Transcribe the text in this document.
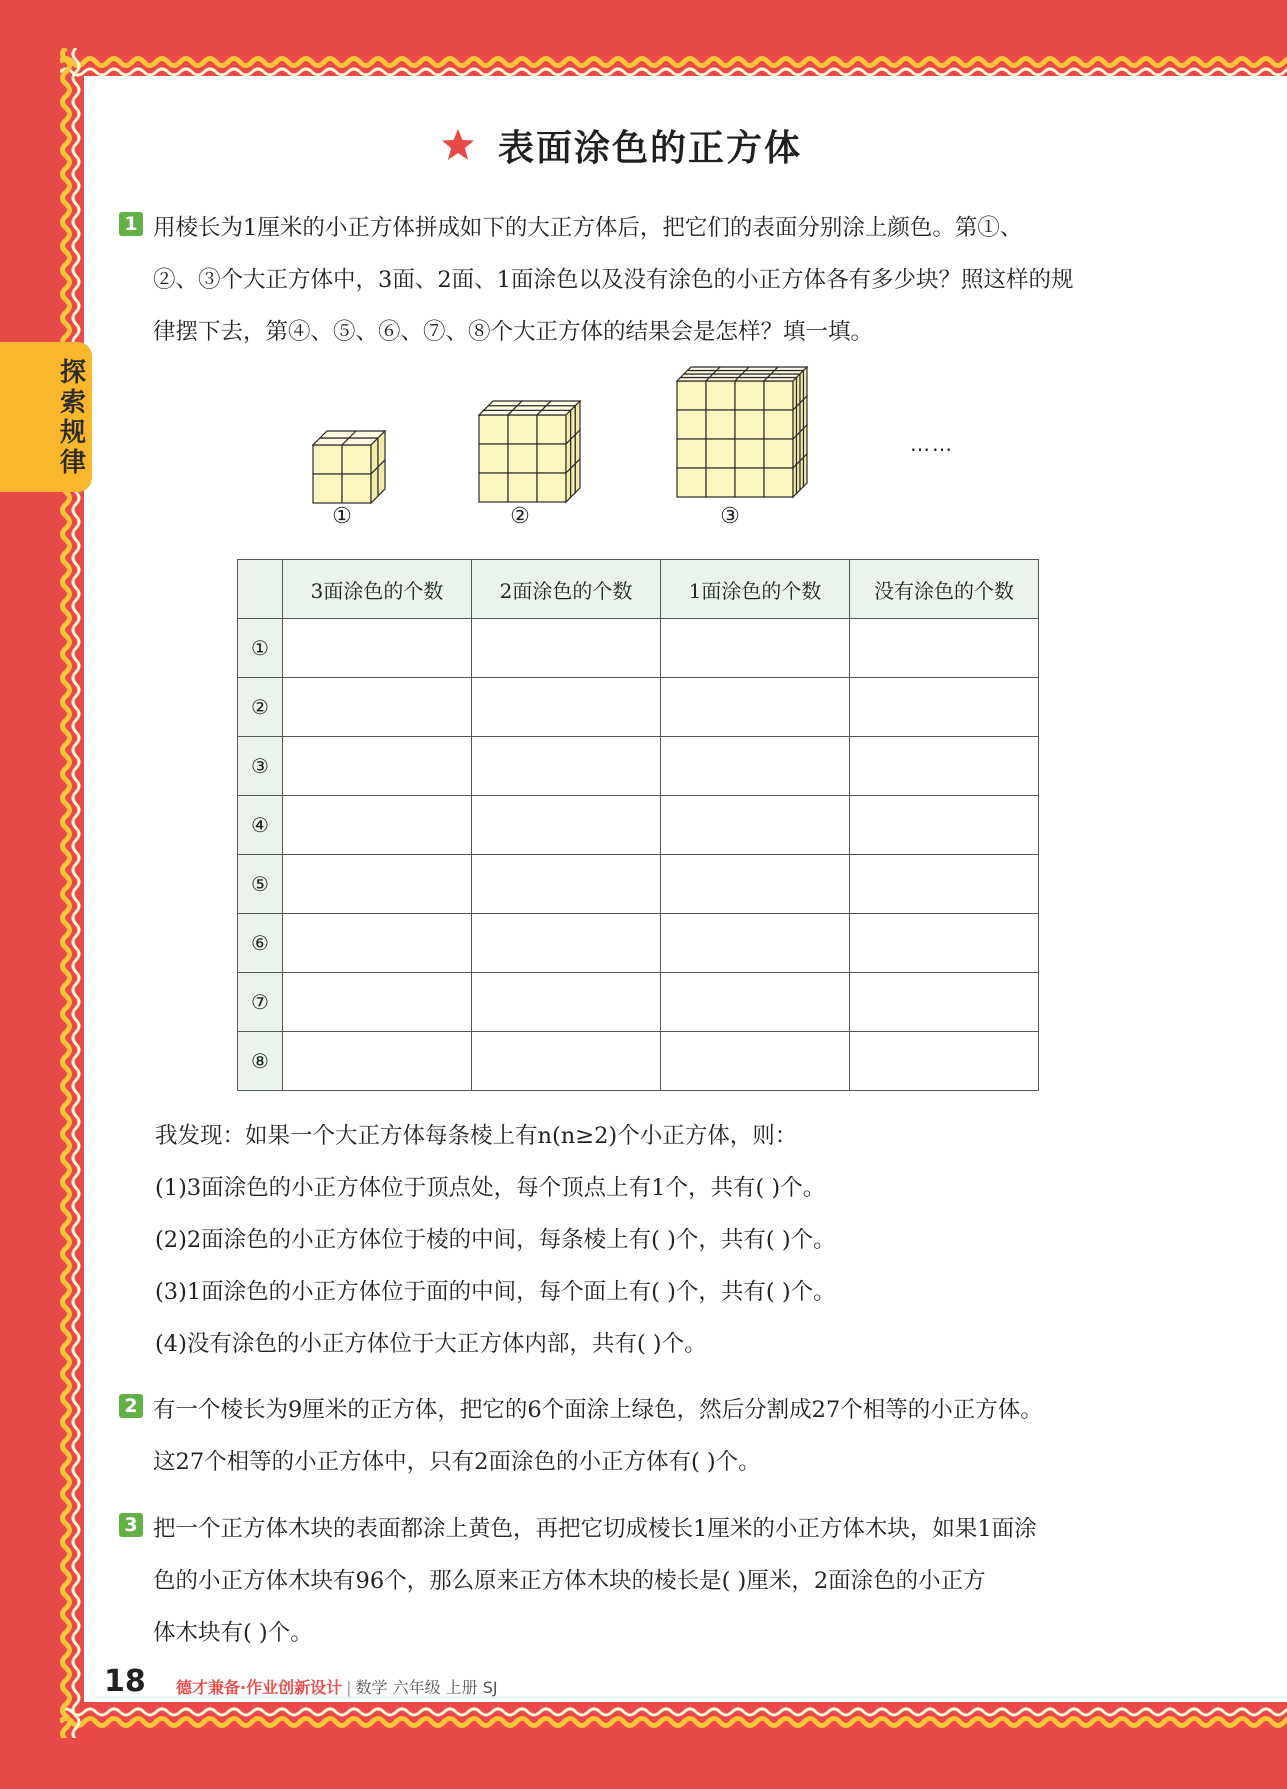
探
索
规
律
表面涂色的正方体
1 用棱长为1厘米的小正方体拼成如下的大正方体后，把它们的表面分别涂上颜色。第①、
②、③个大正方体中，3面、2面、1面涂色以及没有涂色的小正方体各有多少块？照这样的规
律摆下去，第④、⑤、⑥、⑦、⑧个大正方体的结果会是怎样？填一填。
①	②	③
……
	3面涂色的个数	2面涂色的个数	1面涂色的个数	没有涂色的个数
①				
②				
③				
④				
⑤				
⑥				
⑦				
⑧				
我发现：如果一个大正方体每条棱上有n(n≥2)个小正方体，则：
(1)3面涂色的小正方体位于顶点处，每个顶点上有1个，共有( )个。
(2)2面涂色的小正方体位于棱的中间，每条棱上有( )个，共有( )个。
(3)1面涂色的小正方体位于面的中间，每个面上有( )个，共有( )个。
(4)没有涂色的小正方体位于大正方体内部，共有( )个。
2 有一个棱长为9厘米的正方体，把它的6个面涂上绿色，然后分割成27个相等的小正方体。
这27个相等的小正方体中，只有2面涂色的小正方体有( )个。
3 把一个正方体木块的表面都涂上黄色，再把它切成棱长1厘米的小正方体木块，如果1面涂
色的小正方体木块有96个，那么原来正方体木块的棱长是( )厘米，2面涂色的小正方
体木块有( )个。
18 德才兼备·作业创新设计 | 数学 六年级 上册 SJ
